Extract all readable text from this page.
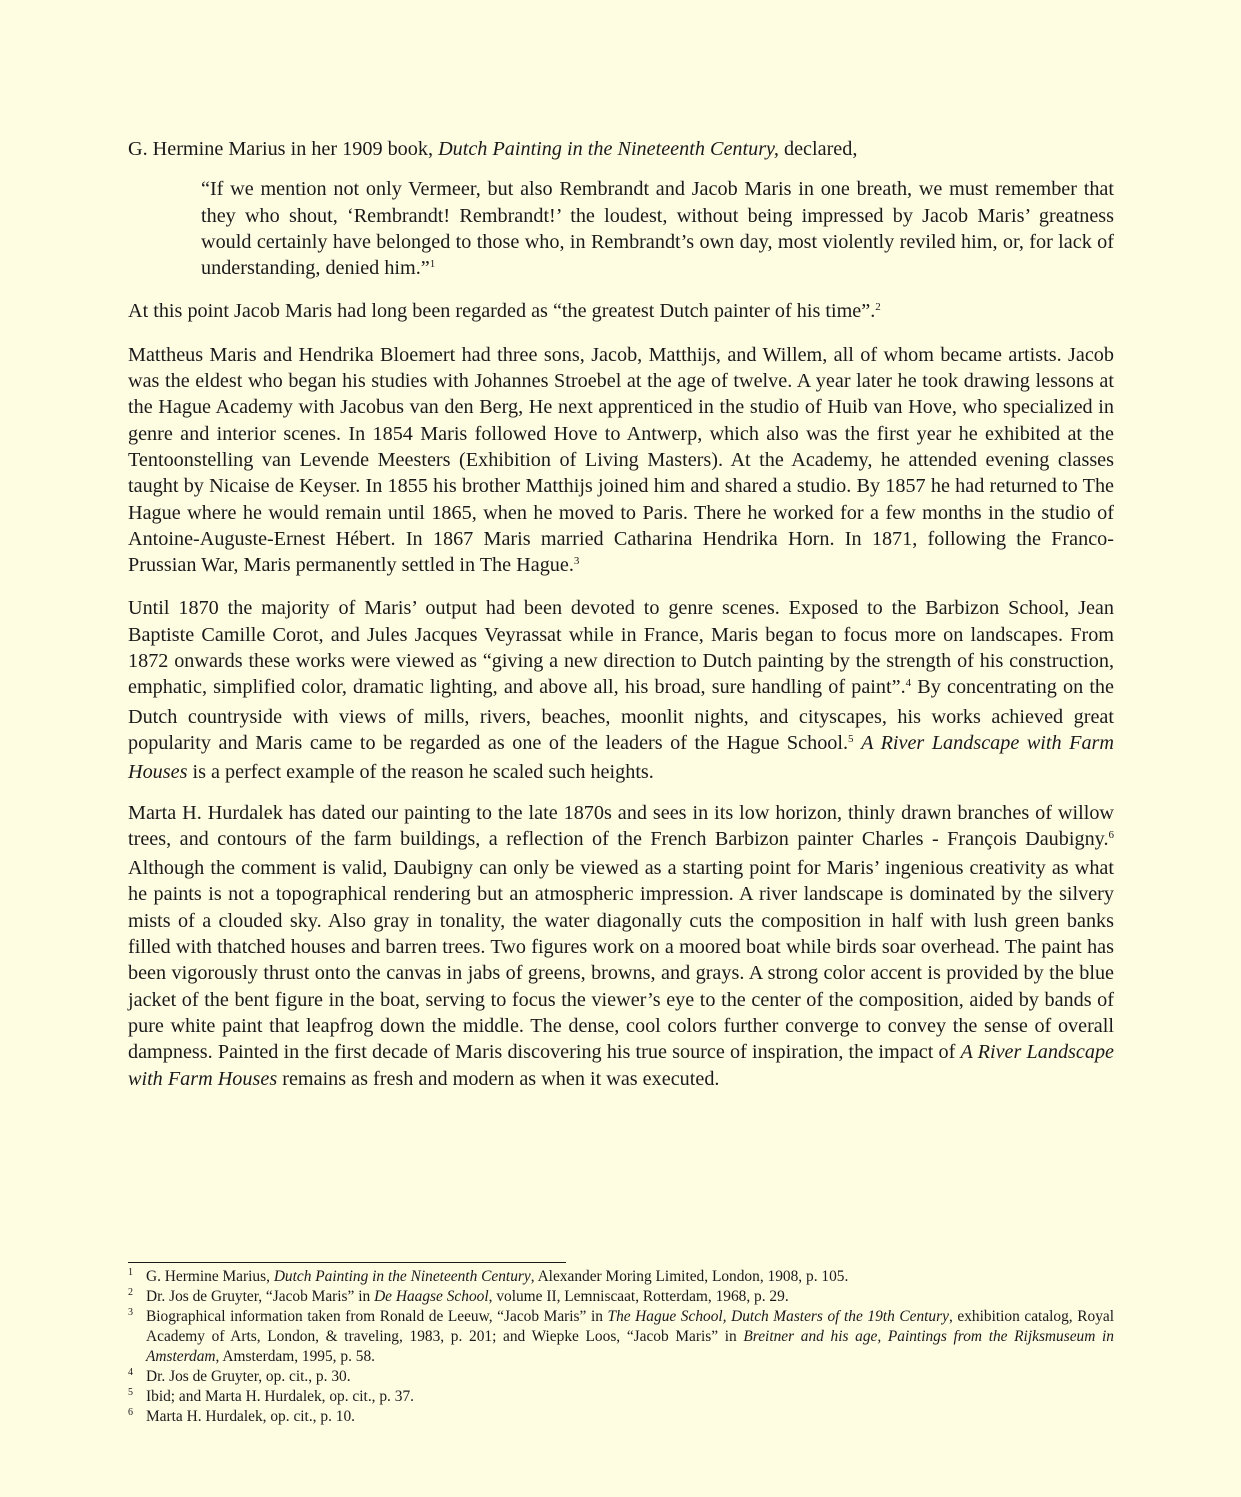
G. Hermine Marius in her 1909 book, Dutch Painting in the Nineteenth Century, declared,

“If we mention not only Vermeer, but also Rembrandt and Jacob Maris in one breath, we must remember that they who shout, ‘Rembrandt! Rembrandt!’ the loudest, without being impressed by Jacob Maris’ greatness would certainly have belonged to those who, in Rembrandt’s own day, most violently reviled him, or, for lack of understanding, denied him.”$^1$

At this point Jacob Maris had long been regarded as “the greatest Dutch painter of his time”.$^2$

Mattheus Maris and Hendrika Bloemert had three sons, Jacob, Matthijs, and Willem, all of whom became artists. Jacob was the eldest who began his studies with Johannes Stroebel at the age of twelve. A year later he took drawing lessons at the Hague Academy with Jacobus van den Berg, He next apprenticed in the studio of Huib van Hove, who specialized in genre and interior scenes. In 1854 Maris followed Hove to Antwerp, which also was the first year he exhibited at the Tentoonstelling van Levende Meesters (Exhibition of Living Masters). At the Academy, he attended evening classes taught by Nicaise de Keyser. In 1855 his brother Matthijs joined him and shared a studio. By 1857 he had returned to The Hague where he would remain until 1865, when he moved to Paris. There he worked for a few months in the studio of Antoine-Auguste-Ernest Hébert. In 1867 Maris married Catharina Hendrika Horn. In 1871, following the Franco-Prussian War, Maris permanently settled in The Hague.$^3$

Until 1870 the majority of Maris’ output had been devoted to genre scenes. Exposed to the Barbizon School, Jean Baptiste Camille Corot, and Jules Jacques Veyrassat while in France, Maris began to focus more on landscapes. From 1872 onwards these works were viewed as “giving a new direction to Dutch painting by the strength of his construction, emphatic, simplified color, dramatic lighting, and above all, his broad, sure handling of paint”.$^4$ By concentrating on the Dutch countryside with views of mills, rivers, beaches, moonlit nights, and cityscapes, his works achieved great popularity and Maris came to be regarded as one of the leaders of the Hague School.$^5$ A River Landscape with Farm Houses is a perfect example of the reason he scaled such heights.

Marta H. Hurdalek has dated our painting to the late 1870s and sees in its low horizon, thinly drawn branches of willow trees, and contours of the farm buildings, a reflection of the French Barbizon painter Charles - François Daubigny.$^6$ Although the comment is valid, Daubigny can only be viewed as a starting point for Maris’ ingenious creativity as what he paints is not a topographical rendering but an atmospheric impression. A river landscape is dominated by the silvery mists of a clouded sky. Also gray in tonality, the water diagonally cuts the composition in half with lush green banks filled with thatched houses and barren trees. Two figures work on a moored boat while birds soar overhead. The paint has been vigorously thrust onto the canvas in jabs of greens, browns, and grays. A strong color accent is provided by the blue jacket of the bent figure in the boat, serving to focus the viewer’s eye to the center of the composition, aided by bands of pure white paint that leapfrog down the middle. The dense, cool colors further converge to convey the sense of overall dampness. Painted in the first decade of Maris discovering his true source of inspiration, the impact of A River Landscape with Farm Houses remains as fresh and modern as when it was executed.

1 G. Hermine Marius, Dutch Painting in the Nineteenth Century, Alexander Moring Limited, London, 1908, p. 105.
2 Dr. Jos de Gruyter, “Jacob Maris” in De Haagse School, volume II, Lemniscaat, Rotterdam, 1968, p. 29.
3 Biographical information taken from Ronald de Leeuw, “Jacob Maris” in The Hague School, Dutch Masters of the 19th Century, exhibition catalog, Royal Academy of Arts, London, & traveling, 1983, p. 201; and Wiepke Loos, “Jacob Maris” in Breitner and his age, Paintings from the Rijksmuseum in Amsterdam, Amsterdam, 1995, p. 58.
4 Dr. Jos de Gruyter, op. cit., p. 30.
5 Ibid; and Marta H. Hurdalek, op. cit., p. 37.
6 Marta H. Hurdalek, op. cit., p. 10.
